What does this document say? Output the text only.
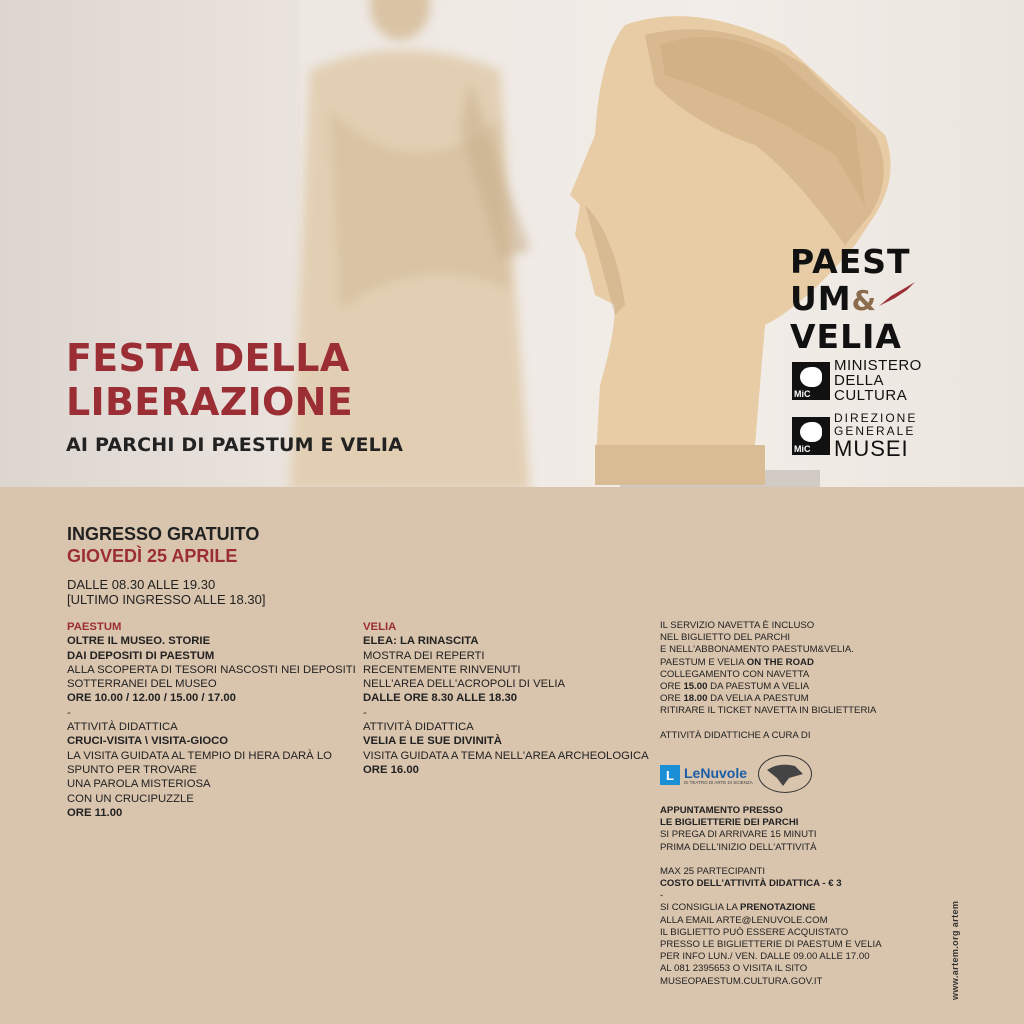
FESTA DELLA
LIBERAZIONE
AI PARCHI DI PAESTUM E VELIA
PAEST
UM&
VELIA
MiC
MINISTERO
DELLA
CULTURA
MiC
DIREZIONE
GENERALE
MUSEI
INGRESSO GRATUITO
GIOVEDÌ 25 APRILE
DALLE 08.30 ALLE 19.30
[ULTIMO INGRESSO ALLE 18.30]
PAESTUM
OLTRE IL MUSEO. STORIE
DAI DEPOSITI DI PAESTUM
ALLA SCOPERTA DI TESORI NASCOSTI NEI DEPOSITI
SOTTERRANEI DEL MUSEO
ORE 10.00 / 12.00 / 15.00 / 17.00
-
ATTIVITÀ DIDATTICA
CRUCI-VISITA \ VISITA-GIOCO
LA VISITA GUIDATA AL TEMPIO DI HERA DARÀ LO
SPUNTO PER TROVARE
UNA PAROLA MISTERIOSA
CON UN CRUCIPUZZLE
ORE 11.00
VELIA
ELEA: LA RINASCITA
MOSTRA DEI REPERTI
RECENTEMENTE RINVENUTI
NELL'AREA DELL'ACROPOLI DI VELIA
DALLE ORE 8.30 ALLE 18.30
-
ATTIVITÀ DIDATTICA
VELIA E LE SUE DIVINITÀ
VISITA GUIDATA A TEMA NELL'AREA ARCHEOLOGICA
ORE 16.00
IL SERVIZIO NAVETTA È INCLUSO
NEL BIGLIETTO DEL PARCHI
E NELL'ABBONAMENTO PAESTUM&VELIA.
PAESTUM E VELIA ON THE ROAD
COLLEGAMENTO CON NAVETTA
ORE 15.00 DA PAESTUM A VELIA
ORE 18.00 DA VELIA A PAESTUM
RITIRARE IL TICKET NAVETTA IN BIGLIETTERIA
ATTIVITÀ DIDATTICHE A CURA DI
L LeNuvole
DI TEATRO DI ARTE DI SCIENZA
APPUNTAMENTO PRESSO
LE BIGLIETTERIE DEI PARCHI
SI PREGA DI ARRIVARE 15 MINUTI
PRIMA DELL'INIZIO DELL'ATTIVITÀ
MAX 25 PARTECIPANTI
COSTO DELL'ATTIVITÀ DIDATTICA - € 3
-
SI CONSIGLIA LA PRENOTAZIONE
ALLA EMAIL ARTE@LENUVOLE.COM
IL BIGLIETTO PUÒ ESSERE ACQUISTATO
PRESSO LE BIGLIETTERIE DI PAESTUM E VELIA
PER INFO LUN./ VEN. DALLE 09.00 ALLE 17.00
AL 081 2395653 O VISITA IL SITO
MUSEOPAESTUM.CULTURA.GOV.IT	www.artem.org artem
